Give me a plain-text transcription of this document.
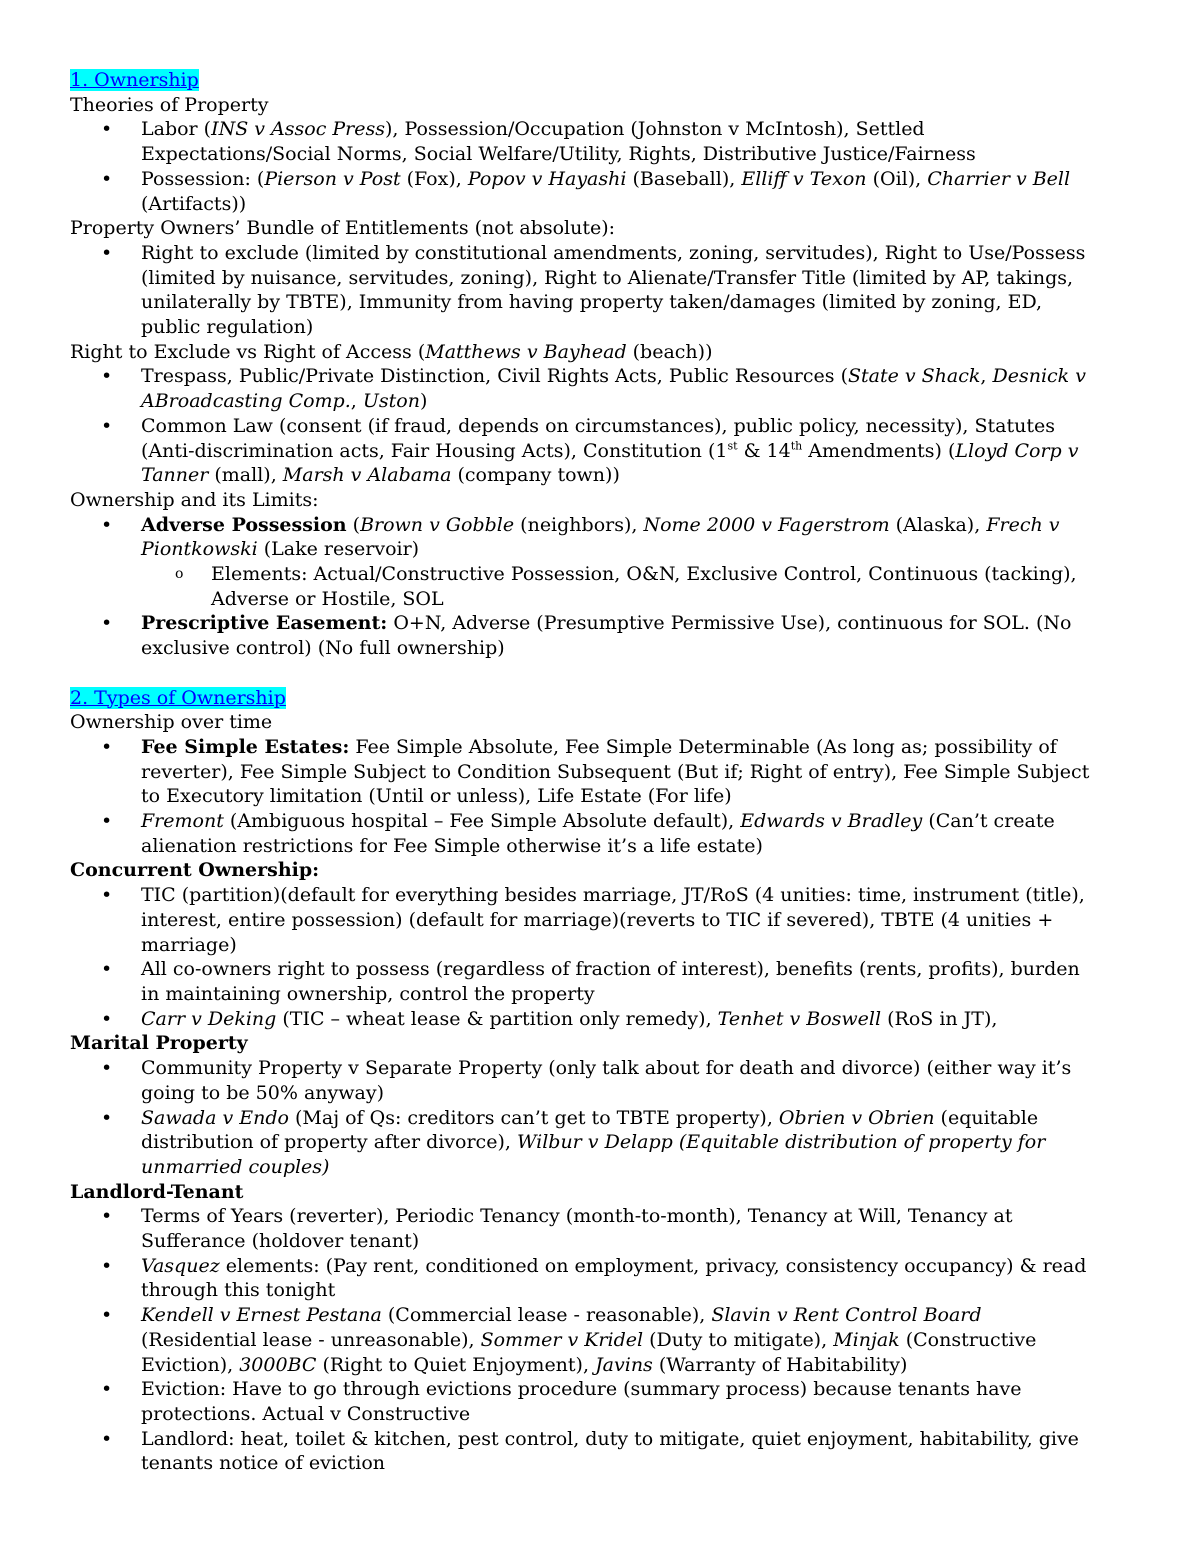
1. Ownership
Theories of Property
• Labor (INS v Assoc Press), Possession/Occupation (Johnston v McIntosh), Settled
Expectations/Social Norms, Social Welfare/Utility, Rights, Distributive Justice/Fairness
• Possession: (Pierson v Post (Fox), Popov v Hayashi (Baseball), Elliff v Texon (Oil), Charrier v Bell
(Artifacts))
Property Owners’ Bundle of Entitlements (not absolute):
• Right to exclude (limited by constitutional amendments, zoning, servitudes), Right to Use/Possess
(limited by nuisance, servitudes, zoning), Right to Alienate/Transfer Title (limited by AP, takings,
unilaterally by TBTE), Immunity from having property taken/damages (limited by zoning, ED,
public regulation)
Right to Exclude vs Right of Access (Matthews v Bayhead (beach))
• Trespass, Public/Private Distinction, Civil Rights Acts, Public Resources (State v Shack, Desnick v
ABroadcasting Comp., Uston)
• Common Law (consent (if fraud, depends on circumstances), public policy, necessity), Statutes
(Anti-discrimination acts, Fair Housing Acts), Constitution (1st & 14th Amendments) (Lloyd Corp v
Tanner (mall), Marsh v Alabama (company town))
Ownership and its Limits:
• Adverse Possession (Brown v Gobble (neighbors), Nome 2000 v Fagerstrom (Alaska), Frech v
Piontkowski (Lake reservoir)
o Elements: Actual/Constructive Possession, O&N, Exclusive Control, Continuous (tacking),
Adverse or Hostile, SOL
• Prescriptive Easement: O+N, Adverse (Presumptive Permissive Use), continuous for SOL. (No
exclusive control) (No full ownership)
2. Types of Ownership
Ownership over time
• Fee Simple Estates: Fee Simple Absolute, Fee Simple Determinable (As long as; possibility of
reverter), Fee Simple Subject to Condition Subsequent (But if; Right of entry), Fee Simple Subject
to Executory limitation (Until or unless), Life Estate (For life)
• Fremont (Ambiguous hospital – Fee Simple Absolute default), Edwards v Bradley (Can’t create
alienation restrictions for Fee Simple otherwise it’s a life estate)
Concurrent Ownership:
• TIC (partition)(default for everything besides marriage, JT/RoS (4 unities: time, instrument (title),
interest, entire possession) (default for marriage)(reverts to TIC if severed), TBTE (4 unities +
marriage)
• All co-owners right to possess (regardless of fraction of interest), benefits (rents, profits), burden
in maintaining ownership, control the property
• Carr v Deking (TIC – wheat lease & partition only remedy), Tenhet v Boswell (RoS in JT),
Marital Property
• Community Property v Separate Property (only talk about for death and divorce) (either way it’s
going to be 50% anyway)
• Sawada v Endo (Maj of Qs: creditors can’t get to TBTE property), Obrien v Obrien (equitable
distribution of property after divorce), Wilbur v Delapp (Equitable distribution of property for
unmarried couples)
Landlord-Tenant
• Terms of Years (reverter), Periodic Tenancy (month-to-month), Tenancy at Will, Tenancy at
Sufferance (holdover tenant)
• Vasquez elements: (Pay rent, conditioned on employment, privacy, consistency occupancy) & read
through this tonight
• Kendell v Ernest Pestana (Commercial lease - reasonable), Slavin v Rent Control Board
(Residential lease - unreasonable), Sommer v Kridel (Duty to mitigate), Minjak (Constructive
Eviction), 3000BC (Right to Quiet Enjoyment), Javins (Warranty of Habitability)
• Eviction: Have to go through evictions procedure (summary process) because tenants have
protections. Actual v Constructive
• Landlord: heat, toilet & kitchen, pest control, duty to mitigate, quiet enjoyment, habitability, give
tenants notice of eviction
